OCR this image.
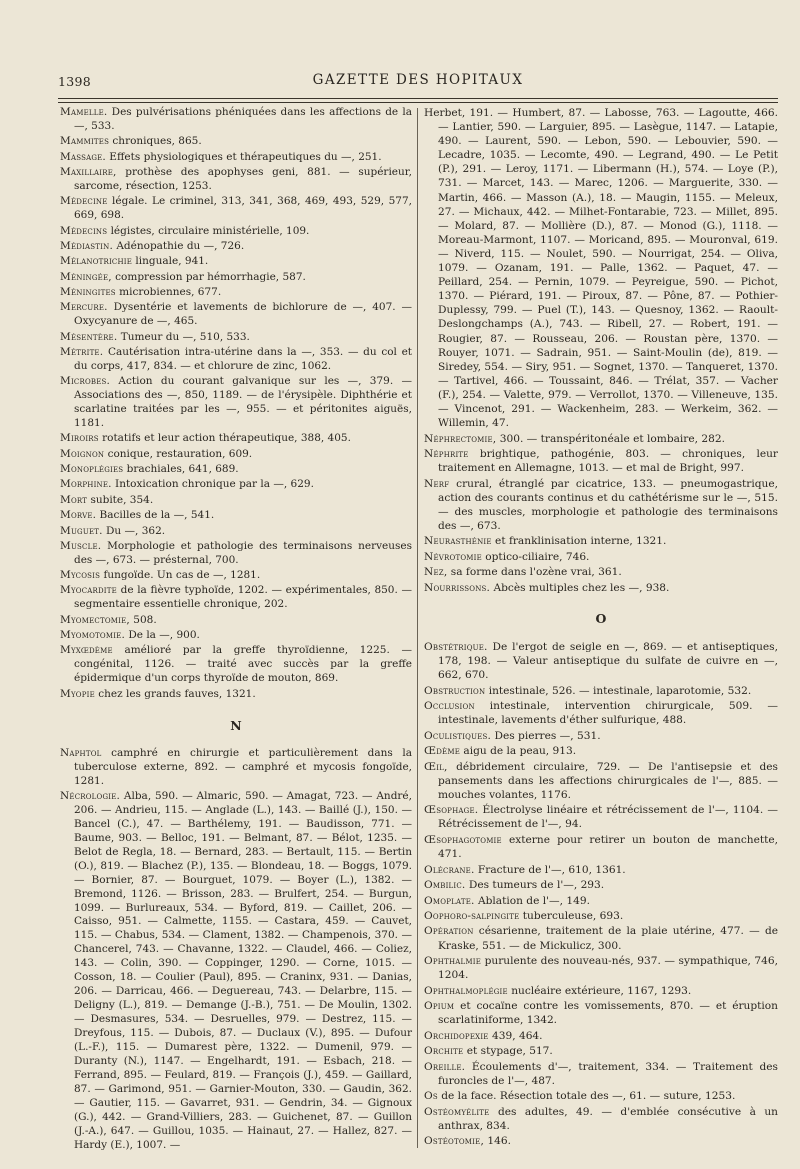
1398	GAZETTE DES HOPITAUX

Mamelle. Des pulvérisations phéniquées dans les affections de la —, 533.

Mammites chroniques, 865.

Massage. Effets physiologiques et thérapeutiques du —, 251.

Maxillaire, prothèse des apophyses geni, 881. — supérieur, sarcome, résection, 1253.

Médecine légale. Le criminel, 313, 341, 368, 469, 493, 529, 577, 669, 698.

Médecins légistes, circulaire ministérielle, 109.

Médiastin. Adénopathie du —, 726.

Mélanotrichie linguale, 941.

Méningée, compression par hémorrhagie, 587.

Méningites microbiennes, 677.

Mercure. Dysentérie et lavements de bichlorure de —, 407. — Oxycyanure de —, 465.

Mésentère. Tumeur du —, 510, 533.

Métrite. Cautérisation intra-utérine dans la —, 353. — du col et du corps, 417, 834. — et chlorure de zinc, 1062.

Microbes. Action du courant galvanique sur les —, 379. — Associations des —, 850, 1189. — de l'érysipèle. Diphthérie et scarlatine traitées par les —, 955. — et péritonites aiguës, 1181.

Miroirs rotatifs et leur action thérapeutique, 388, 405.

Moignon conique, restauration, 609.

Monoplégies brachiales, 641, 689.

Morphine. Intoxication chronique par la —, 629.

Mort subite, 354.

Morve. Bacilles de la —, 541.

Muguet. Du —, 362.

Muscle. Morphologie et pathologie des terminaisons nerveuses des —, 673. — présternal, 700.

Mycosis fungoïde. Un cas de —, 1281.

Myocardite de la fièvre typhoïde, 1202. — expérimentales, 850. — segmentaire essentielle chronique, 202.

Myomectomie, 508.

Myomotomie. De la —, 900.

Myxœdème amélioré par la greffe thyroïdienne, 1225. — congénital, 1126. — traité avec succès par la greffe épidermique d'un corps thyroïde de mouton, 869.

Myopie chez les grands fauves, 1321.

N

Naphtol camphré en chirurgie et particulièrement dans la tuberculose externe, 892. — camphré et mycosis fongoïde, 1281.

Nécrologie. Alba, 590. — Almaric, 590. — Amagat, 723. — André, 206. — Andrieu, 115. — Anglade (L.), 143. — Baillé (J.), 150. — Bancel (C.), 47. — Barthélemy, 191. — Baudisson, 771. — Baume, 903. — Belloc, 191. — Belmant, 87. — Bélot, 1235. — Belot de Regla, 18. — Bernard, 283. — Bertault, 115. — Bertin (O.), 819. — Blachez (P.), 135. — Blondeau, 18. — Boggs, 1079. — Bornier, 87. — Bourguet, 1079. — Boyer (L.), 1382. — Bremond, 1126. — Brisson, 283. — Brulfert, 254. — Burgun, 1099. — Burlureaux, 534. — Byford, 819. — Caillet, 206. — Caisso, 951. — Calmette, 1155. — Castara, 459. — Cauvet, 115. — Chabus, 534. — Clament, 1382. — Champenois, 370. — Chancerel, 743. — Chavanne, 1322. — Claudel, 466. — Coliez, 143. — Colin, 390. — Coppinger, 1290. — Corne, 1015. — Cosson, 18. — Coulier (Paul), 895. — Craninx, 931. — Danias, 206. — Darricau, 466. — Deguereau, 743. — Delarbre, 115. — Deligny (L.), 819. — Demange (J.-B.), 751. — De Moulin, 1302. — Desmasures, 534. — Desruelles, 979. — Destrez, 115. — Dreyfous, 115. — Dubois, 87. — Duclaux (V.), 895. — Dufour (L.-F.), 115. — Dumarest père, 1322. — Dumenil, 979. — Duranty (N.), 1147. — Engelhardt, 191. — Esbach, 218. — Ferrand, 895. — Feulard, 819. — François (J.), 459. — Gaillard, 87. — Garimond, 951. — Garnier-Mouton, 330. — Gaudin, 362. — Gautier, 115. — Gavarret, 931. — Gendrin, 34. — Gignoux (G.), 442. — Grand-Villiers, 283. — Guichenet, 87. — Guillon (J.-A.), 647. — Guillou, 1035. — Hainaut, 27. — Hallez, 827. — Hardy (E.), 1007. —

Herbet, 191. — Humbert, 87. — Labosse, 763. — Lagoutte, 466. — Lantier, 590. — Larguier, 895. — Lasègue, 1147. — Latapie, 490. — Laurent, 590. — Lebon, 590. — Lebouvier, 590. — Lecadre, 1035. — Lecomte, 490. — Legrand, 490. — Le Petit (P.), 291. — Leroy, 1171. — Libermann (H.), 574. — Loye (P.), 731. — Marcet, 143. — Marec, 1206. — Marguerite, 330. — Martin, 466. — Masson (A.), 18. — Maugin, 1155. — Meleux, 27. — Michaux, 442. — Milhet-Fontarabie, 723. — Millet, 895. — Molard, 87. — Mollière (D.), 87. — Monod (G.), 1118. — Moreau-Marmont, 1107. — Moricand, 895. — Mouronval, 619. — Niverd, 115. — Noulet, 590. — Nourrigat, 254. — Oliva, 1079. — Ozanam, 191. — Palle, 1362. — Paquet, 47. — Peillard, 254. — Pernin, 1079. — Peyreigue, 590. — Pichot, 1370. — Piérard, 191. — Piroux, 87. — Pône, 87. — Pothier-Duplessy, 799. — Puel (T.), 143. — Quesnoy, 1362. — Raoult-Deslongchamps (A.), 743. — Ribell, 27. — Robert, 191. — Rougier, 87. — Rousseau, 206. — Roustan père, 1370. — Rouyer, 1071. — Sadrain, 951. — Saint-Moulin (de), 819. — Siredey, 554. — Siry, 951. — Sognet, 1370. — Tanqueret, 1370. — Tartivel, 466. — Toussaint, 846. — Trélat, 357. — Vacher (F.), 254. — Valette, 979. — Verrollot, 1370. — Villeneuve, 135. — Vincenot, 291. — Wackenheim, 283. — Werkeim, 362. — Willemin, 47.

Néphrectomie, 300. — transpéritonéale et lombaire, 282.

Néphrite brightique, pathogénie, 803. — chroniques, leur traitement en Allemagne, 1013. — et mal de Bright, 997.

Nerf crural, étranglé par cicatrice, 133. — pneumogastrique, action des courants continus et du cathétérisme sur le —, 515. — des muscles, morphologie et pathologie des terminaisons des —, 673.

Neurasthénie et franklinisation interne, 1321.

Névrotomie optico-ciliaire, 746.

Nez, sa forme dans l'ozène vrai, 361.

Nourrissons. Abcès multiples chez les —, 938.

O

Obstétrique. De l'ergot de seigle en —, 869. — et antiseptiques, 178, 198. — Valeur antiseptique du sulfate de cuivre en —, 662, 670.

Obstruction intestinale, 526. — intestinale, laparotomie, 532.

Occlusion intestinale, intervention chirurgicale, 509. — intestinale, lavements d'éther sulfurique, 488.

Oculistiques. Des pierres —, 531.

Œdème aigu de la peau, 913.

Œil, débridement circulaire, 729. — De l'antisepsie et des pansements dans les affections chirurgicales de l'—, 885. — mouches volantes, 1176.

Œsophage. Électrolyse linéaire et rétrécissement de l'—, 1104. — Rétrécissement de l'—, 94.

Œsophagotomie externe pour retirer un bouton de manchette, 471.

Olécrane. Fracture de l'—, 610, 1361.

Ombilic. Des tumeurs de l'—, 293.

Omoplate. Ablation de l'—, 149.

Oophoro-salpingite tuberculeuse, 693.

Opération césarienne, traitement de la plaie utérine, 477. — de Kraske, 551. — de Mickulicz, 300.

Ophthalmie purulente des nouveau-nés, 937. — sympathique, 746, 1204.

Ophthalmoplégie nucléaire extérieure, 1167, 1293.

Opium et cocaïne contre les vomissements, 870. — et éruption scarlatiniforme, 1342.

Orchidopexie 439, 464.

Orchite et stypage, 517.

Oreille. Écoulements d'—, traitement, 334. — Traitement des furoncles de l'—, 487.

Os de la face. Résection totale des —, 61. — suture, 1253.

Ostéomyélite des adultes, 49. — d'emblée consécutive à un anthrax, 834.

Ostéotomie, 146.
